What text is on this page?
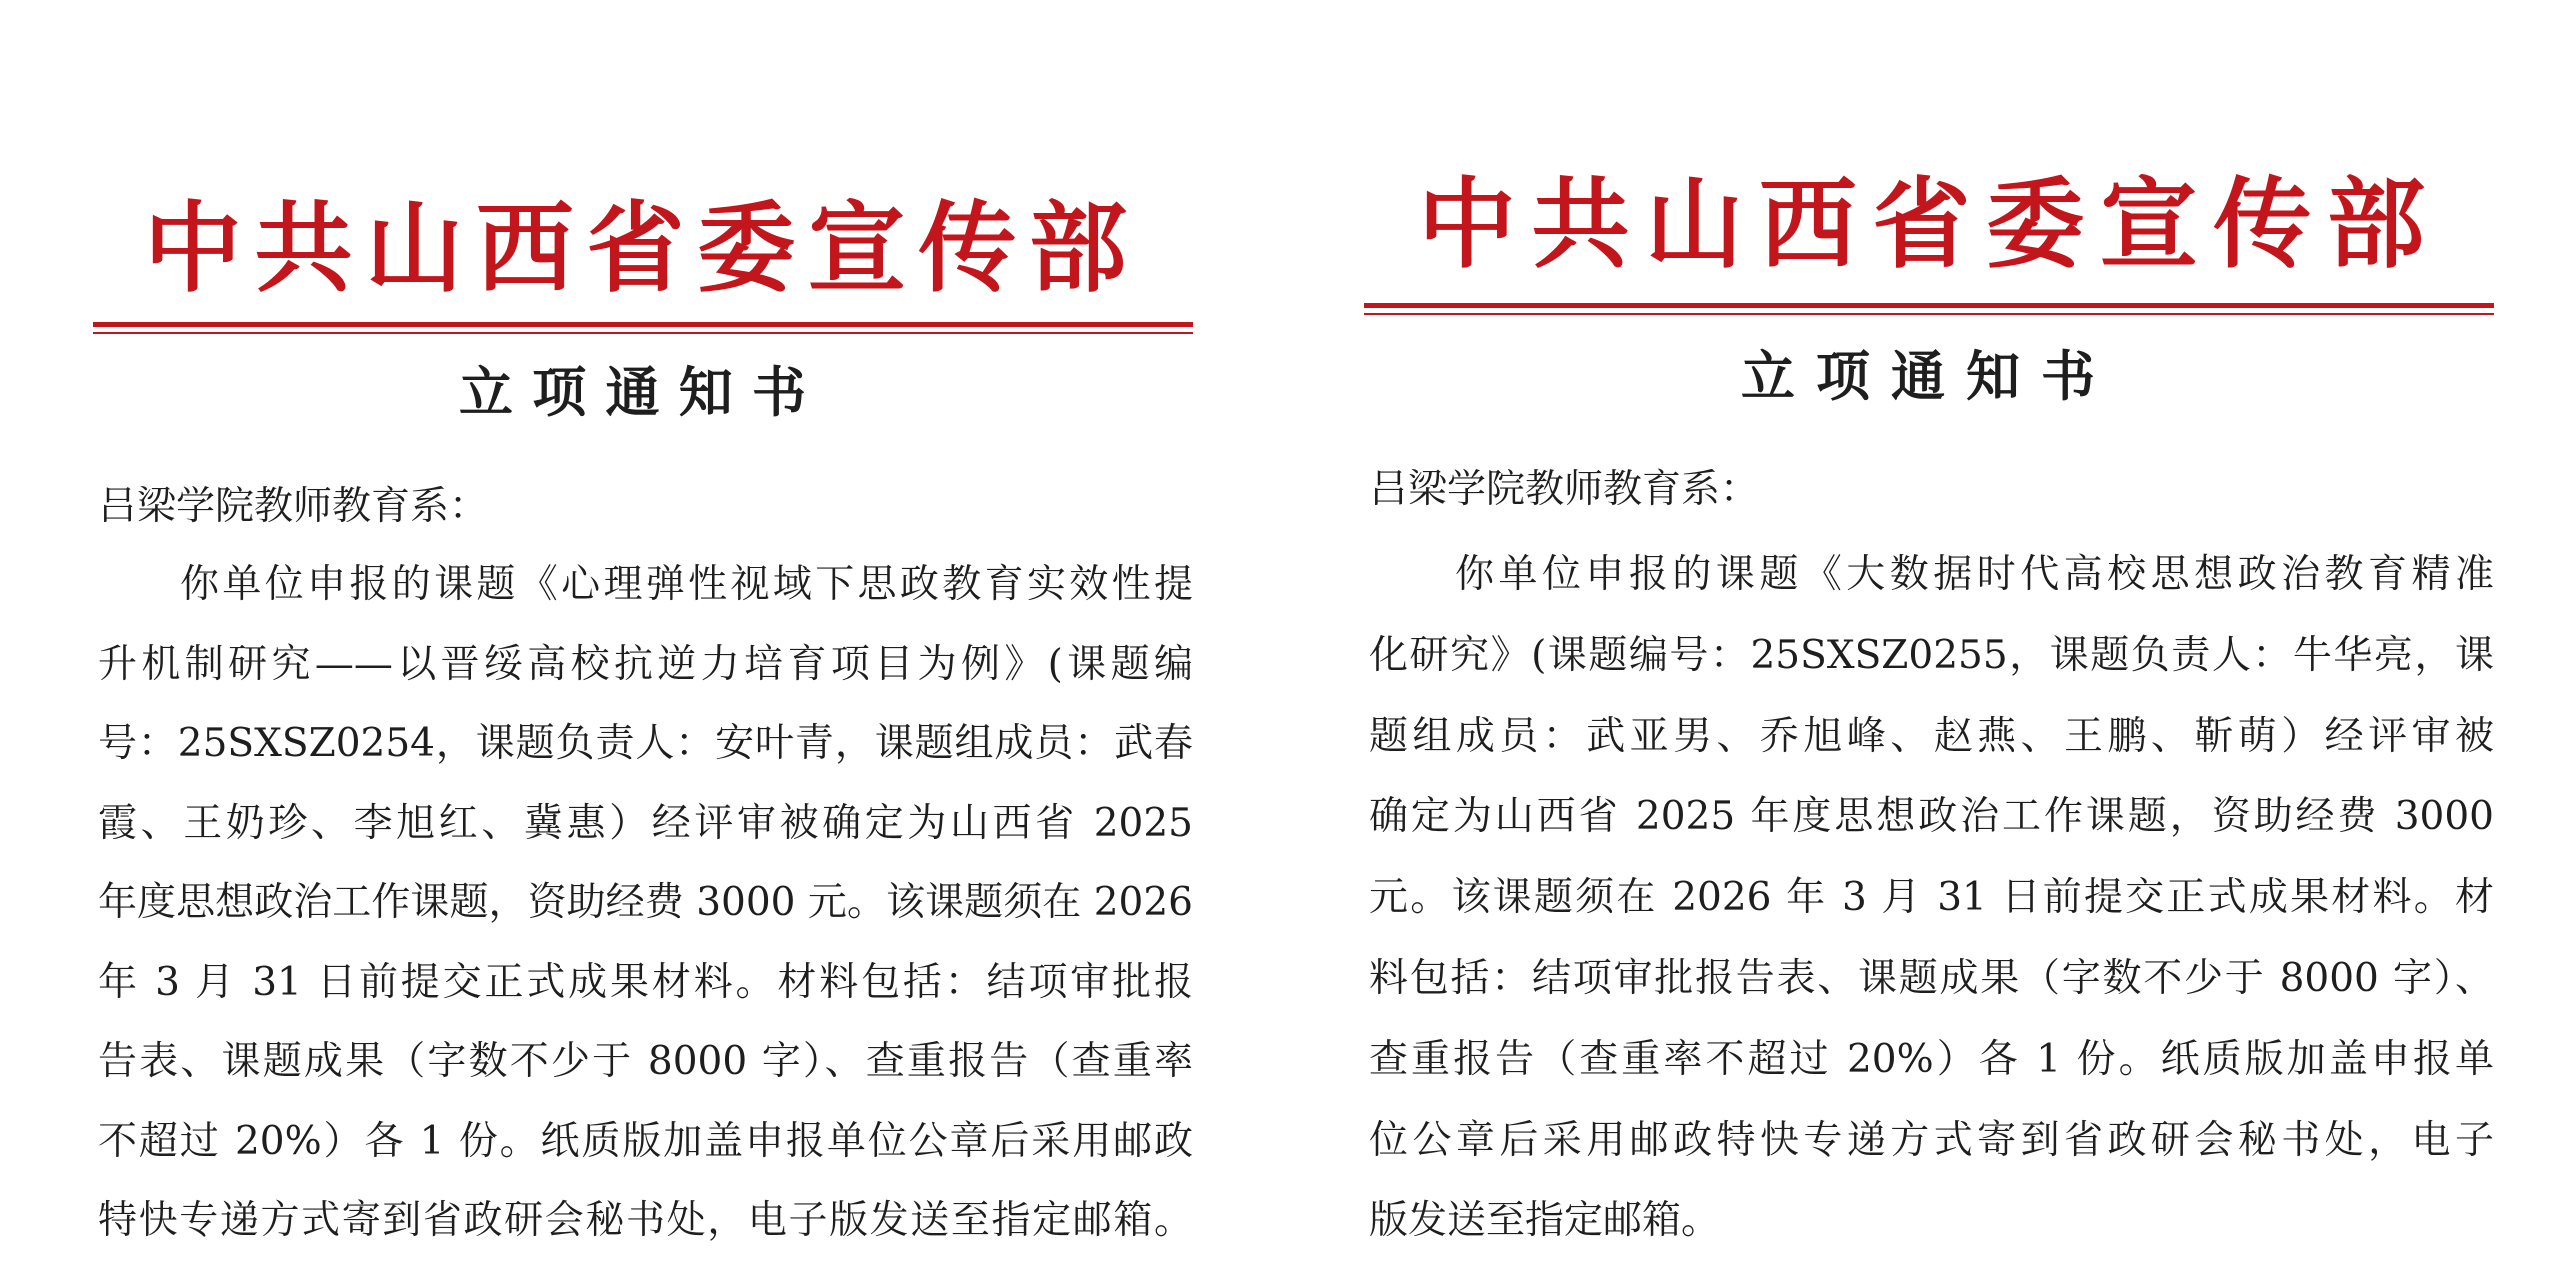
中共山西省委宣传部
立项通知书
吕梁学院教师教育系：
你单位申报的课题《心理弹性视域下思政教育实效性提
升机制研究——以晋绥高校抗逆力培育项目为例》(课题编
号：25SXSZ0254，课题负责人：安叶青，课题组成员：武春
霞、王奶珍、李旭红、冀惠）经评审被确定为山西省 2025
年度思想政治工作课题，资助经费 3000 元。该课题须在 2026
年 3 月 31 日前提交正式成果材料。材料包括：结项审批报
告表、课题成果（字数不少于 8000 字）、查重报告（查重率
不超过 20%）各 1 份。纸质版加盖申报单位公章后采用邮政
特快专递方式寄到省政研会秘书处，电子版发送至指定邮箱。
中共山西省委宣传部
立项通知书
吕梁学院教师教育系：
你单位申报的课题《大数据时代高校思想政治教育精准
化研究》(课题编号：25SXSZ0255，课题负责人：牛华亮，课
题组成员：武亚男、乔旭峰、赵燕、王鹏、靳萌）经评审被
确定为山西省 2025 年度思想政治工作课题，资助经费 3000
元。该课题须在 2026 年 3 月 31 日前提交正式成果材料。材
料包括：结项审批报告表、课题成果（字数不少于 8000 字）、
查重报告（查重率不超过 20%）各 1 份。纸质版加盖申报单
位公章后采用邮政特快专递方式寄到省政研会秘书处，电子
版发送至指定邮箱。
